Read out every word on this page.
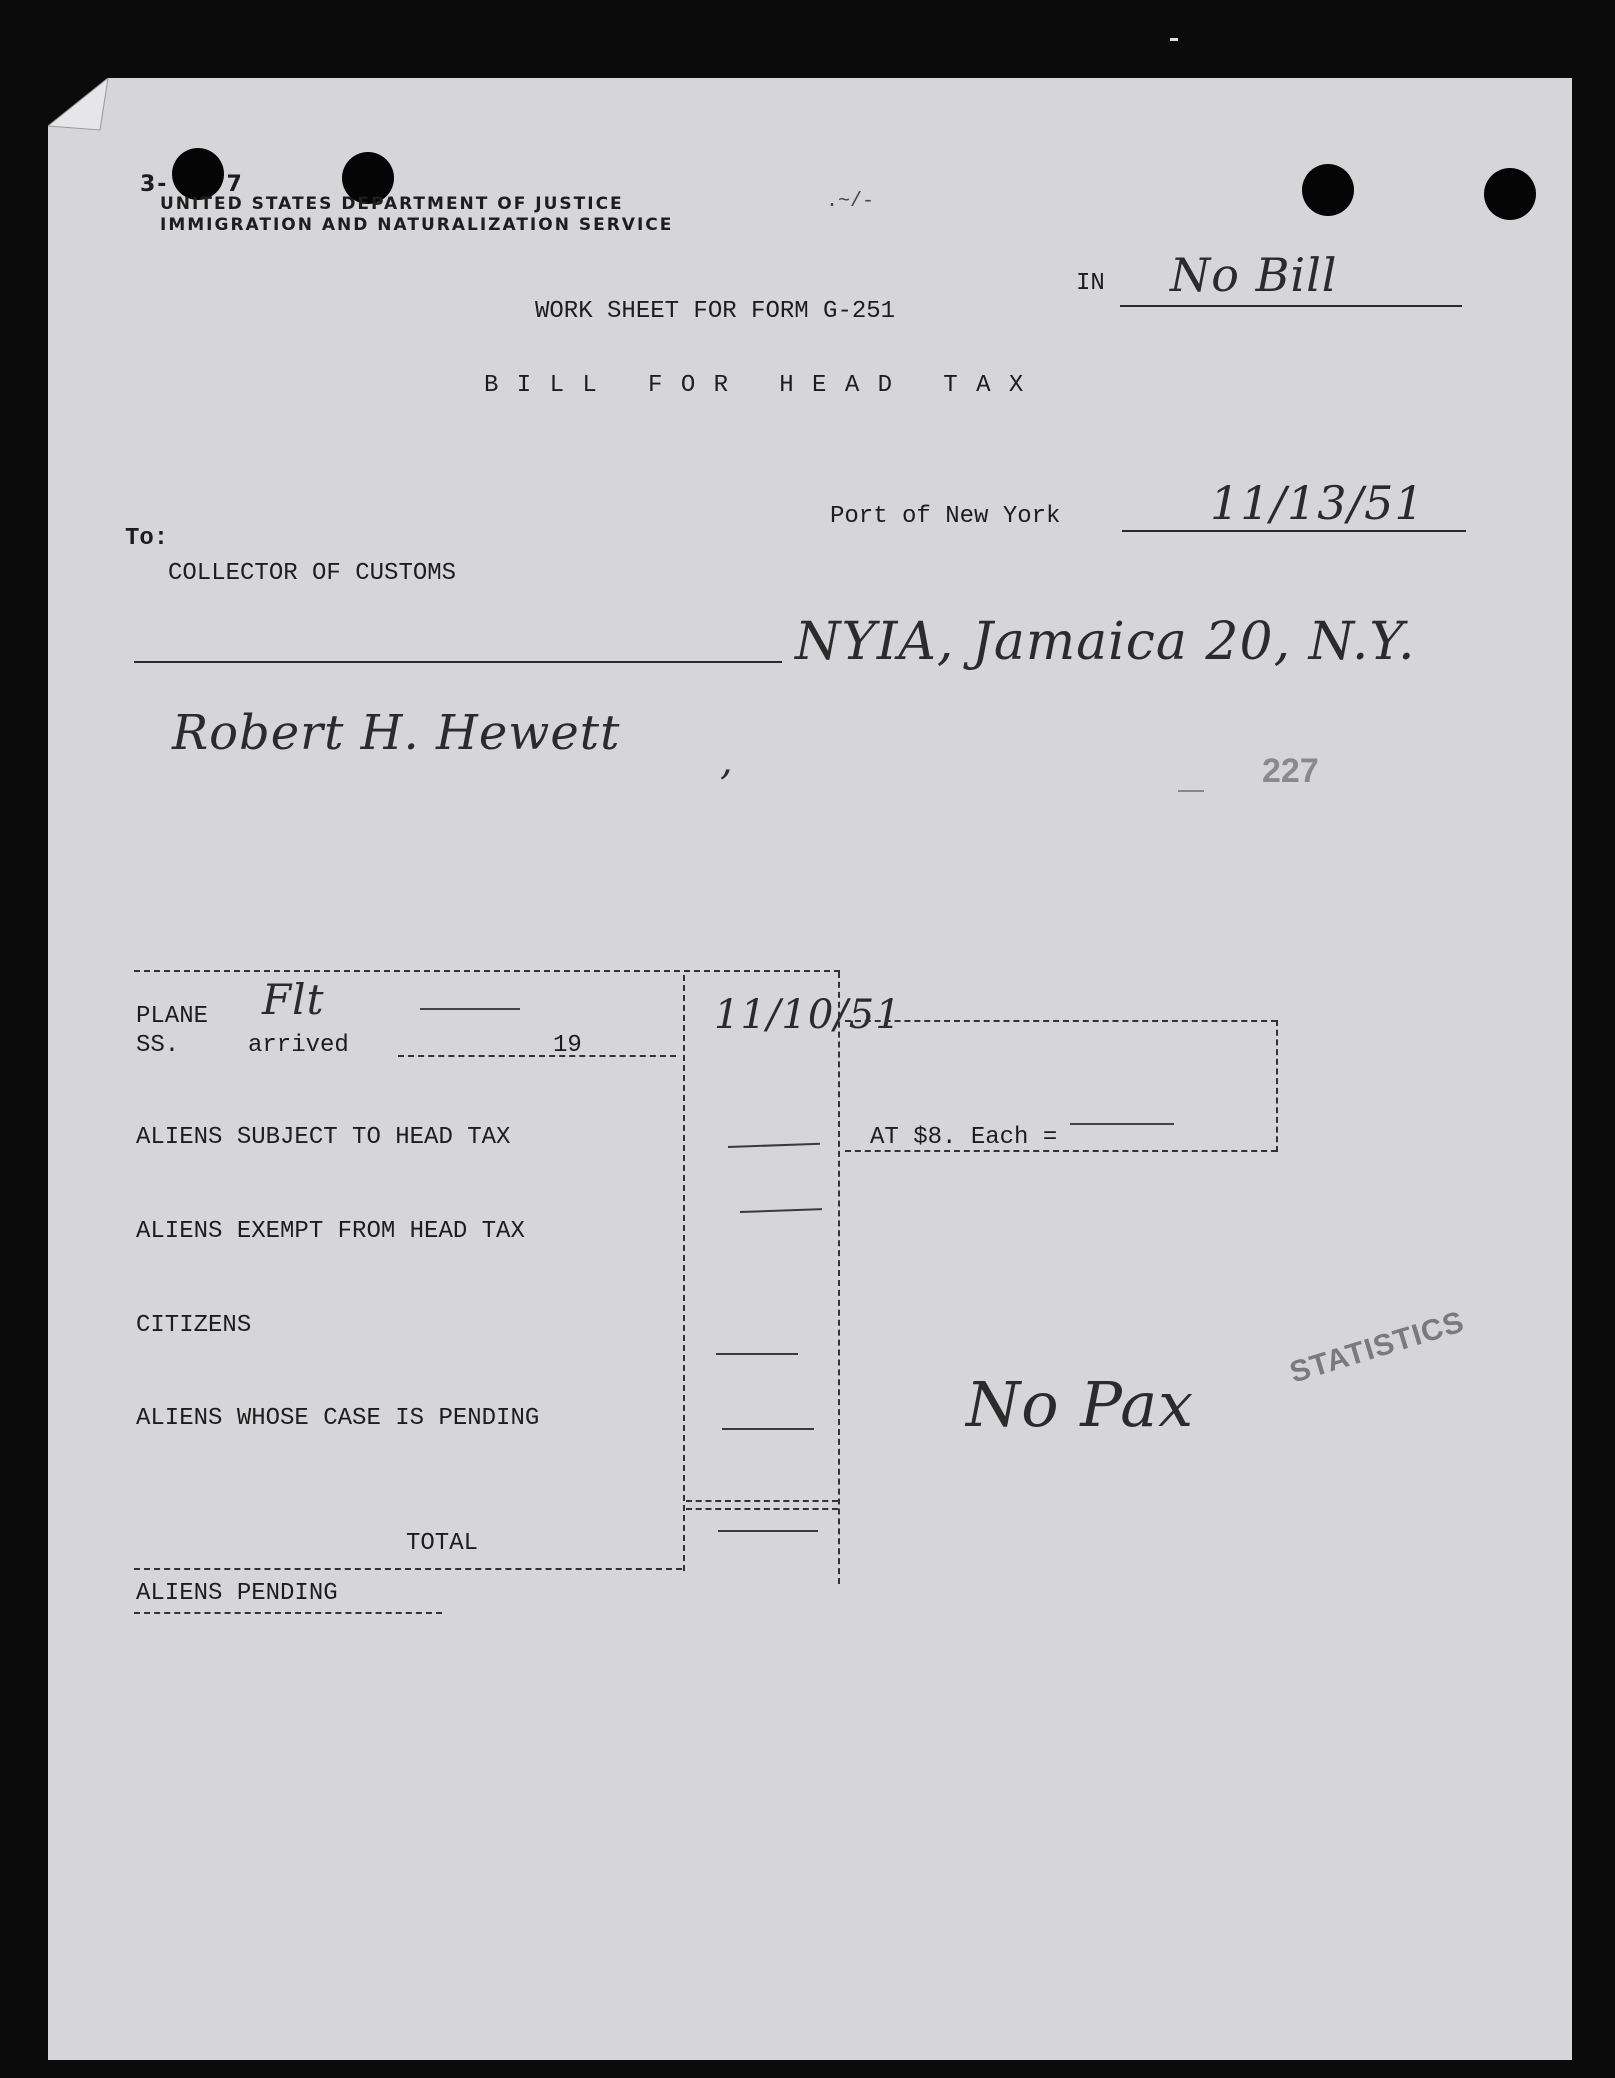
3-	7
UNITED STATES DEPARTMENT OF JUSTICE
IMMIGRATION AND NATURALIZATION SERVICE
IN No Bill
WORK SHEET FOR FORM G-251
B I L L   F O R   H E A D   T A X
Port of New York	11/13/51
To:
COLLECTOR OF CUSTOMS
NYIA, Jamaica 20, N.Y.
Robert H. Hewett ,	227
PLANE Flt
SS.	arrived	19
11/10/51
AT $8. Each =
ALIENS SUBJECT TO HEAD TAX
ALIENS EXEMPT FROM HEAD TAX
CITIZENS
ALIENS WHOSE CASE IS PENDING
TOTAL
ALIENS PENDING
No Pax
STATISTICS
.~/-
